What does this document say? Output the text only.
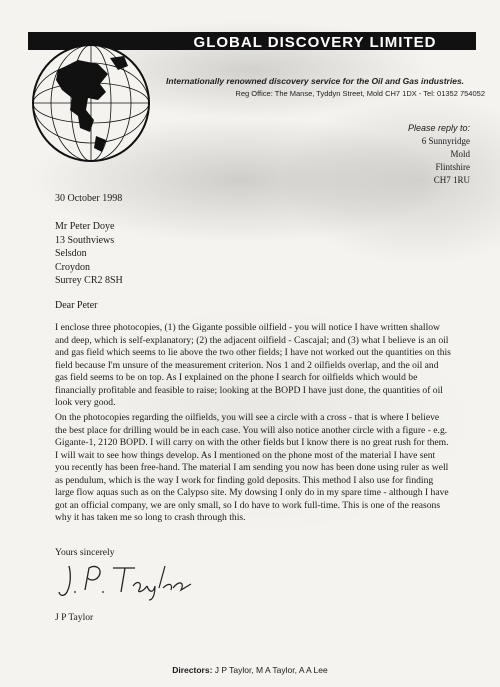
GLOBAL DISCOVERY LIMITED
Internationally renowned discovery service for the Oil and Gas industries.
Reg Office: The Manse, Tyddyn Street, Mold CH7 1DX - Tel: 01352 754052
Please reply to:
6 Sunnyridge
Mold
Flintshire
CH7 1RU
30 October 1998
Mr Peter Doye
13 Southviews
Selsdon
Croydon
Surrey CR2 8SH
Dear Peter
I enclose three photocopies, (1) the Gigante possible oilfield - you will notice I have written shallow and deep, which is self-explanatory; (2) the adjacent oilfield - Cascajal; and (3) what I believe is an oil and gas field which seems to lie above the two other fields; I have not worked out the quantities on this field because I'm unsure of the measurement criterion. Nos 1 and 2 oilfields overlap, and the oil and gas field seems to be on top. As I explained on the phone I search for oilfields which would be financially profitable and feasible to raise; looking at the BOPD I have just done, the quantities of oil look very good.
On the photocopies regarding the oilfields, you will see a circle with a cross - that is where I believe the best place for drilling would be in each case. You will also notice another circle with a figure - e.g. Gigante-1, 2120 BOPD. I will carry on with the other fields but I know there is no great rush for them. I will wait to see how things develop. As I mentioned on the phone most of the material I have sent you recently has been free-hand. The material I am sending you now has been done using ruler as well as pendulum, which is the way I work for finding gold deposits. This method I also use for finding large flow aquas such as on the Calypso site. My dowsing I only do in my spare time - although I have got an official company, we are only small, so I do have to work full-time. This is one of the reasons why it has taken me so long to crash through this.
Yours sincerely
J P Taylor
Directors: J P Taylor, M A Taylor, A A Lee
